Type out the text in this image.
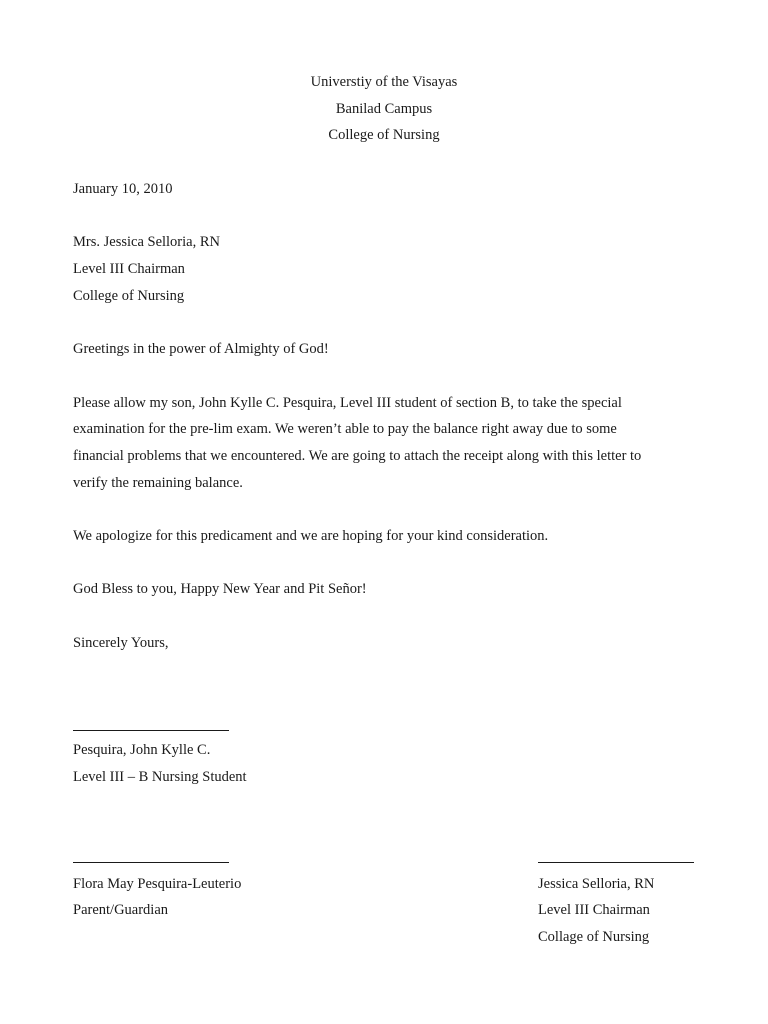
Universtiy of the Visayas
Banilad Campus
College of Nursing
January 10, 2010
Mrs. Jessica Selloria, RN
Level III Chairman
College of Nursing
Greetings in the power of Almighty of God!
Please allow my son, John Kylle C. Pesquira, Level III student of section B, to take the special
examination for the pre-lim exam. We weren’t able to pay the balance right away due to some
financial problems that we encountered. We are going to attach the receipt along with this letter to
verify the remaining balance.
We apologize for this predicament and we are hoping for your kind consideration.
God Bless to you, Happy New Year and Pit Señor!
Sincerely Yours,
Pesquira, John Kylle C.
Level III – B Nursing Student
Flora May Pesquira-Leuterio
Parent/Guardian
Jessica Selloria, RN
Level III Chairman
Collage of Nursing
